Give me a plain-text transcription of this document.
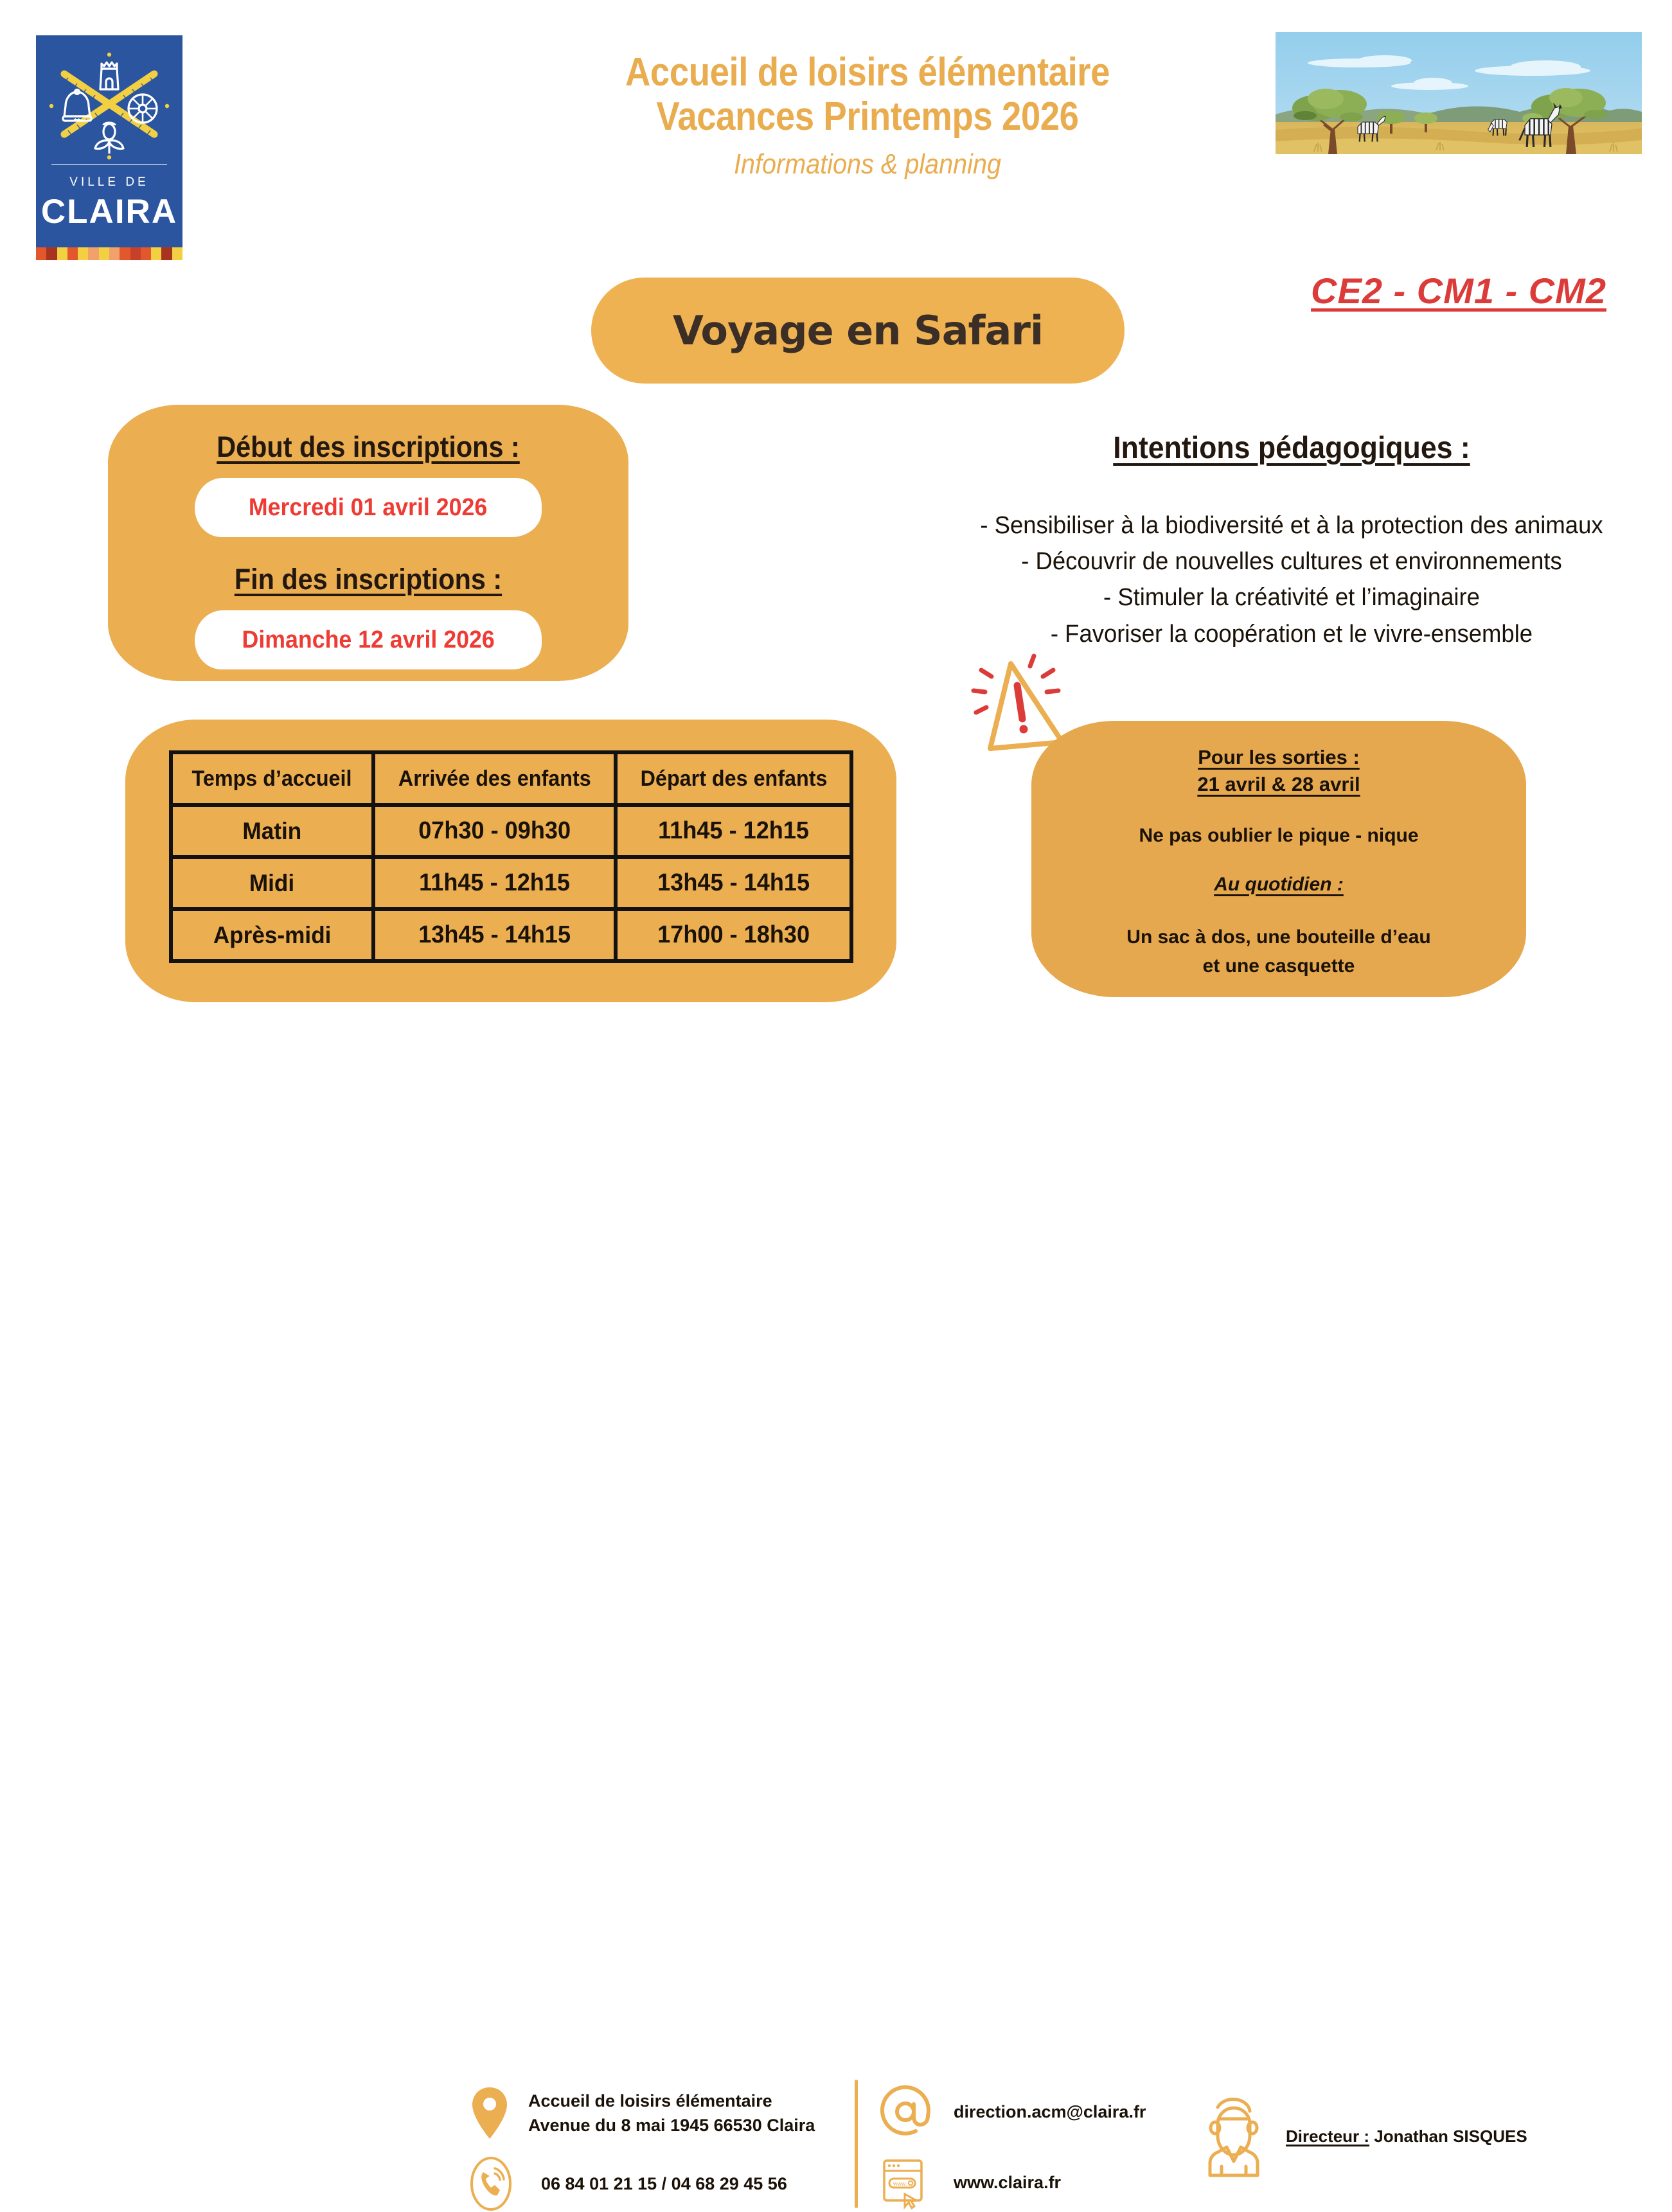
VILLE DE
CLAIRA
Accueil de loisirs élémentaire
Vacances Printemps 2026
Informations & planning
CE2 - CM1 - CM2
Voyage en Safari
Début des inscriptions :
Mercredi 01 avril 2026
Fin des inscriptions :
Dimanche 12 avril 2026
Temps d’accueil	Arrivée des enfants	Départ des enfants
Matin	07h30 - 09h30	11h45 - 12h15
Midi	11h45 - 12h15	13h45 - 14h15
Après-midi	13h45 - 14h15	17h00 - 18h30
Intentions pédagogiques :
- Sensibiliser à la biodiversité et à la protection des animaux
- Découvrir de nouvelles cultures et environnements
- Stimuler la créativité et l’imaginaire
- Favoriser la coopération et le vivre-ensemble
Pour les sorties :
21 avril & 28 avril
Ne pas oublier le pique - nique
Au quotidien :
Un sac à dos, une bouteille d’eau
et une casquette
Accueil de loisirs élémentaire
Avenue du 8 mai 1945 66530 Claira
06 84 01 21 15 / 04 68 29 45 56
direction.acm@claira.fr
www.	www.claira.fr
Directeur : Jonathan SISQUES
